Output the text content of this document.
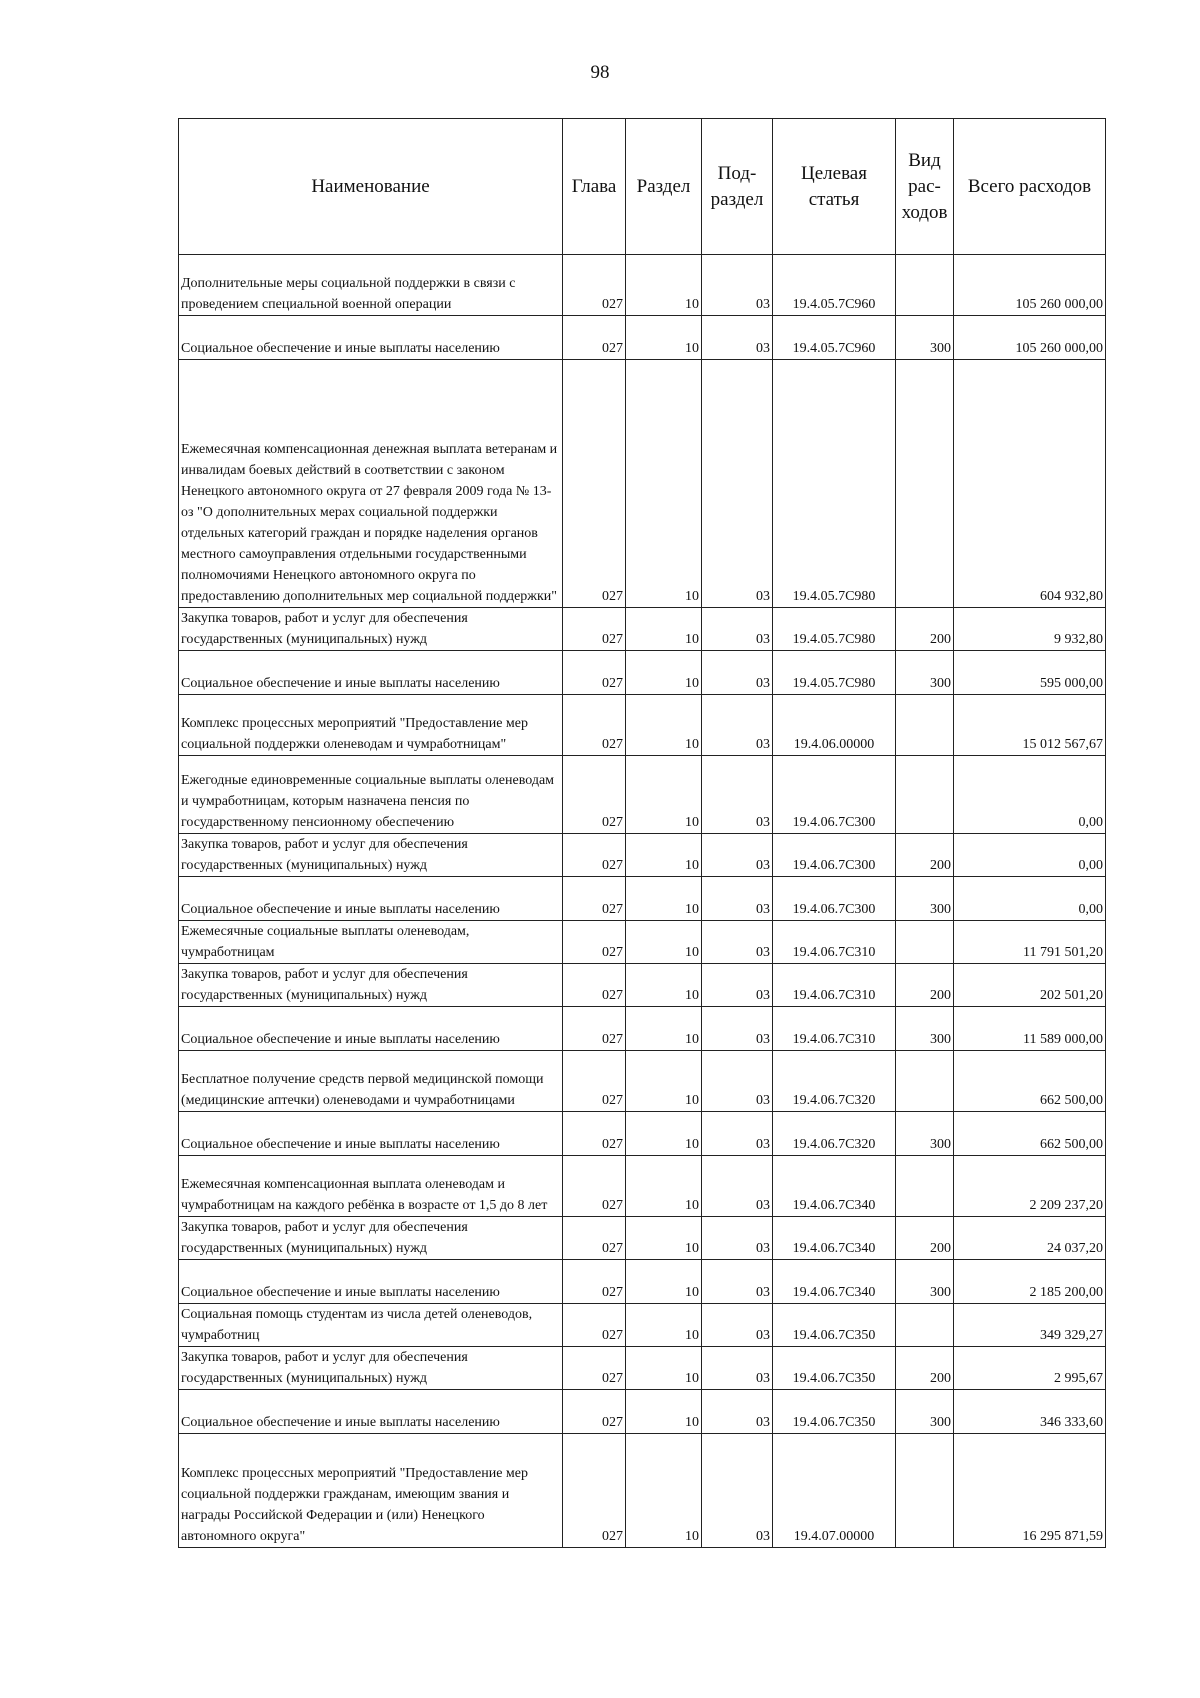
98
Наименование	Глава	Раздел	Под-раздел	Целевая статья	Вид рас-ходов	Всего расходов
Дополнительные меры социальной поддержки в связи с проведением специальной военной операции	027	10	03	19.4.05.7С960		105 260 000,00
Социальное обеспечение и иные выплаты населению	027	10	03	19.4.05.7С960	300	105 260 000,00
Ежемесячная компенсационная денежная выплата ветеранам и инвалидам боевых действий в соответствии с законом Ненецкого автономного округа от 27 февраля 2009 года № 13-оз "О дополнительных мерах социальной поддержки отдельных категорий граждан и порядке наделения органов местного самоуправления отдельными государственными полномочиями Ненецкого автономного округа по предоставлению дополнительных мер социальной поддержки"	027	10	03	19.4.05.7С980		604 932,80
Закупка товаров, работ и услуг для обеспечения государственных (муниципальных) нужд	027	10	03	19.4.05.7С980	200	9 932,80
Социальное обеспечение и иные выплаты населению	027	10	03	19.4.05.7С980	300	595 000,00
Комплекс процессных мероприятий "Предоставление мер социальной поддержки оленеводам и чумработницам"	027	10	03	19.4.06.00000		15 012 567,67
Ежегодные единовременные социальные выплаты оленеводам и чумработницам, которым назначена пенсия по государственному пенсионному обеспечению	027	10	03	19.4.06.7С300		0,00
Закупка товаров, работ и услуг для обеспечения государственных (муниципальных) нужд	027	10	03	19.4.06.7С300	200	0,00
Социальное обеспечение и иные выплаты населению	027	10	03	19.4.06.7С300	300	0,00
Ежемесячные социальные выплаты оленеводам, чумработницам	027	10	03	19.4.06.7С310		11 791 501,20
Закупка товаров, работ и услуг для обеспечения государственных (муниципальных) нужд	027	10	03	19.4.06.7С310	200	202 501,20
Социальное обеспечение и иные выплаты населению	027	10	03	19.4.06.7С310	300	11 589 000,00
Бесплатное получение средств первой медицинской помощи (медицинские аптечки) оленеводами и чумработницами	027	10	03	19.4.06.7С320		662 500,00
Социальное обеспечение и иные выплаты населению	027	10	03	19.4.06.7С320	300	662 500,00
Ежемесячная компенсационная выплата оленеводам и чумработницам на каждого ребёнка в возрасте от 1,5 до 8 лет	027	10	03	19.4.06.7С340		2 209 237,20
Закупка товаров, работ и услуг для обеспечения государственных (муниципальных) нужд	027	10	03	19.4.06.7С340	200	24 037,20
Социальное обеспечение и иные выплаты населению	027	10	03	19.4.06.7С340	300	2 185 200,00
Социальная помощь студентам из числа детей оленеводов, чумработниц	027	10	03	19.4.06.7С350		349 329,27
Закупка товаров, работ и услуг для обеспечения государственных (муниципальных) нужд	027	10	03	19.4.06.7С350	200	2 995,67
Социальное обеспечение и иные выплаты населению	027	10	03	19.4.06.7С350	300	346 333,60
Комплекс процессных мероприятий "Предоставление мер социальной поддержки гражданам, имеющим звания и награды Российской Федерации и (или) Ненецкого автономного округа"	027	10	03	19.4.07.00000		16 295 871,59
